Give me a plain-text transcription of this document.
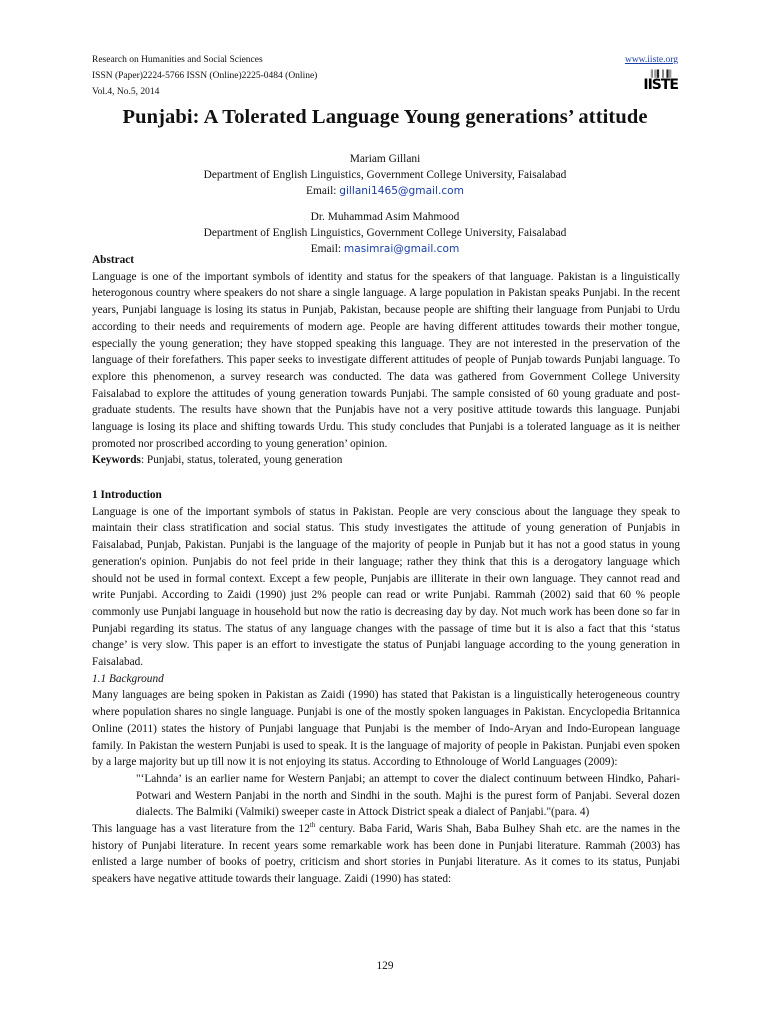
Research on Humanities and Social Sciences
ISSN (Paper)2224-5766 ISSN (Online)2225-0484 (Online)
Vol.4, No.5, 2014
www.iiste.org
║║▌║▐║
IISTE
Punjabi: A Tolerated Language Young generations’ attitude
Mariam Gillani
Department of English Linguistics, Government College University, Faisalabad
Email: gillani1465@gmail.com
Dr. Muhammad Asim Mahmood
Department of English Linguistics, Government College University, Faisalabad
Email: masimrai@gmail.com

Abstract

Language is one of the important symbols of identity and status for the speakers of that language. Pakistan is a linguistically heterogonous country where speakers do not share a single language. A large population in Pakistan speaks Punjabi. In the recent years, Punjabi language is losing its status in Punjab, Pakistan, because people are shifting their language from Punjabi to Urdu according to their needs and requirements of modern age. People are having different attitudes towards their mother tongue, especially the young generation; they have stopped speaking this language. They are not interested in the preservation of the language of their forefathers. This paper seeks to investigate different attitudes of people of Punjab towards Punjabi language. To explore this phenomenon, a survey research was conducted. The data was gathered from Government College University Faisalabad to explore the attitudes of young generation towards Punjabi. The sample consisted of 60 young graduate and post-graduate students. The results have shown that the Punjabis have not a very positive attitude towards this language. Punjabi language is losing its place and shifting towards Urdu. This study concludes that Punjabi is a tolerated language as it is neither promoted nor proscribed according to young generation’ opinion.

Keywords: Punjabi, status, tolerated, young generation

1 Introduction

Language is one of the important symbols of status in Pakistan. People are very conscious about the language they speak to maintain their class stratification and social status. This study investigates the attitude of young generation of Punjabis in Faisalabad, Punjab, Pakistan. Punjabi is the language of the majority of people in Punjab but it has not a good status in young generation's opinion. Punjabis do not feel pride in their language; rather they think that this is a derogatory language which should not be used in formal context. Except a few people, Punjabis are illiterate in their own language. They cannot read and write Punjabi. According to Zaidi (1990) just 2% people can read or write Punjabi. Rammah (2002) said that 60 % people commonly use Punjabi language in household but now the ratio is decreasing day by day. Not much work has been done so far in Punjabi regarding its status. The status of any language changes with the passage of time but it is also a fact that this ‘status change’ is very slow. This paper is an effort to investigate the status of Punjabi language according to the young generation in Faisalabad.

1.1 Background

Many languages are being spoken in Pakistan as Zaidi (1990) has stated that Pakistan is a linguistically heterogeneous country where population shares no single language. Punjabi is one of the mostly spoken languages in Pakistan. Encyclopedia Britannica Online (2011) states the history of Punjabi language that Punjabi is the member of Indo-Aryan and Indo-European language family. In Pakistan the western Punjabi is used to speak. It is the language of majority of people in Pakistan. Punjabi even spoken by a large majority but up till now it is not enjoying its status. According to Ethnolouge of World Languages (2009):

"‘Lahnda’ is an earlier name for Western Panjabi; an attempt to cover the dialect continuum between Hindko, Pahari-Potwari and Western Panjabi in the north and Sindhi in the south. Majhi is the purest form of Panjabi. Several dozen dialects. The Balmiki (Valmiki) sweeper caste in Attock District speak a dialect of Panjabi."(para. 4)

This language has a vast literature from the 12th century. Baba Farid, Waris Shah, Baba Bulhey Shah etc. are the names in the history of Punjabi literature. In recent years some remarkable work has been done in Punjabi literature. Rammah (2003) has enlisted a large number of books of poetry, criticism and short stories in Punjabi literature. As it comes to its status, Punjabi speakers have negative attitude towards their language. Zaidi (1990) has stated:

129
